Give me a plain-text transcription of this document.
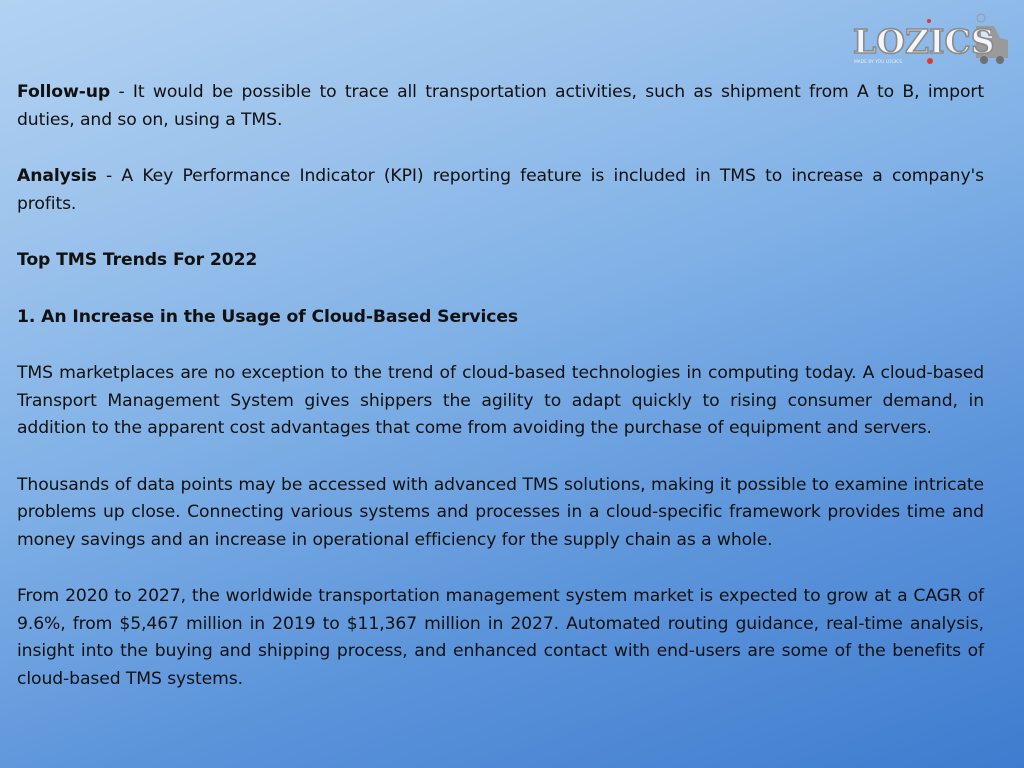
LOZICS
MADE BY YOU LOGICS

Follow-up - It would be possible to trace all transportation activities, such as shipment from A to B, import duties, and so on, using a TMS.

Analysis - A Key Performance Indicator (KPI) reporting feature is included in TMS to increase a company's profits.

Top TMS Trends For 2022

1. An Increase in the Usage of Cloud-Based Services

TMS marketplaces are no exception to the trend of cloud-based technologies in computing today. A cloud-based Transport Management System gives shippers the agility to adapt quickly to rising consumer demand, in addition to the apparent cost advantages that come from avoiding the purchase of equipment and servers.

Thousands of data points may be accessed with advanced TMS solutions, making it possible to examine intricate problems up close. Connecting various systems and processes in a cloud-specific framework provides time and money savings and an increase in operational efficiency for the supply chain as a whole.

From 2020 to 2027, the worldwide transportation management system market is expected to grow at a CAGR of 9.6%, from $5,467 million in 2019 to $11,367 million in 2027. Automated routing guidance, real-time analysis, insight into the buying and shipping process, and enhanced contact with end-users are some of the benefits of cloud-based TMS systems.
